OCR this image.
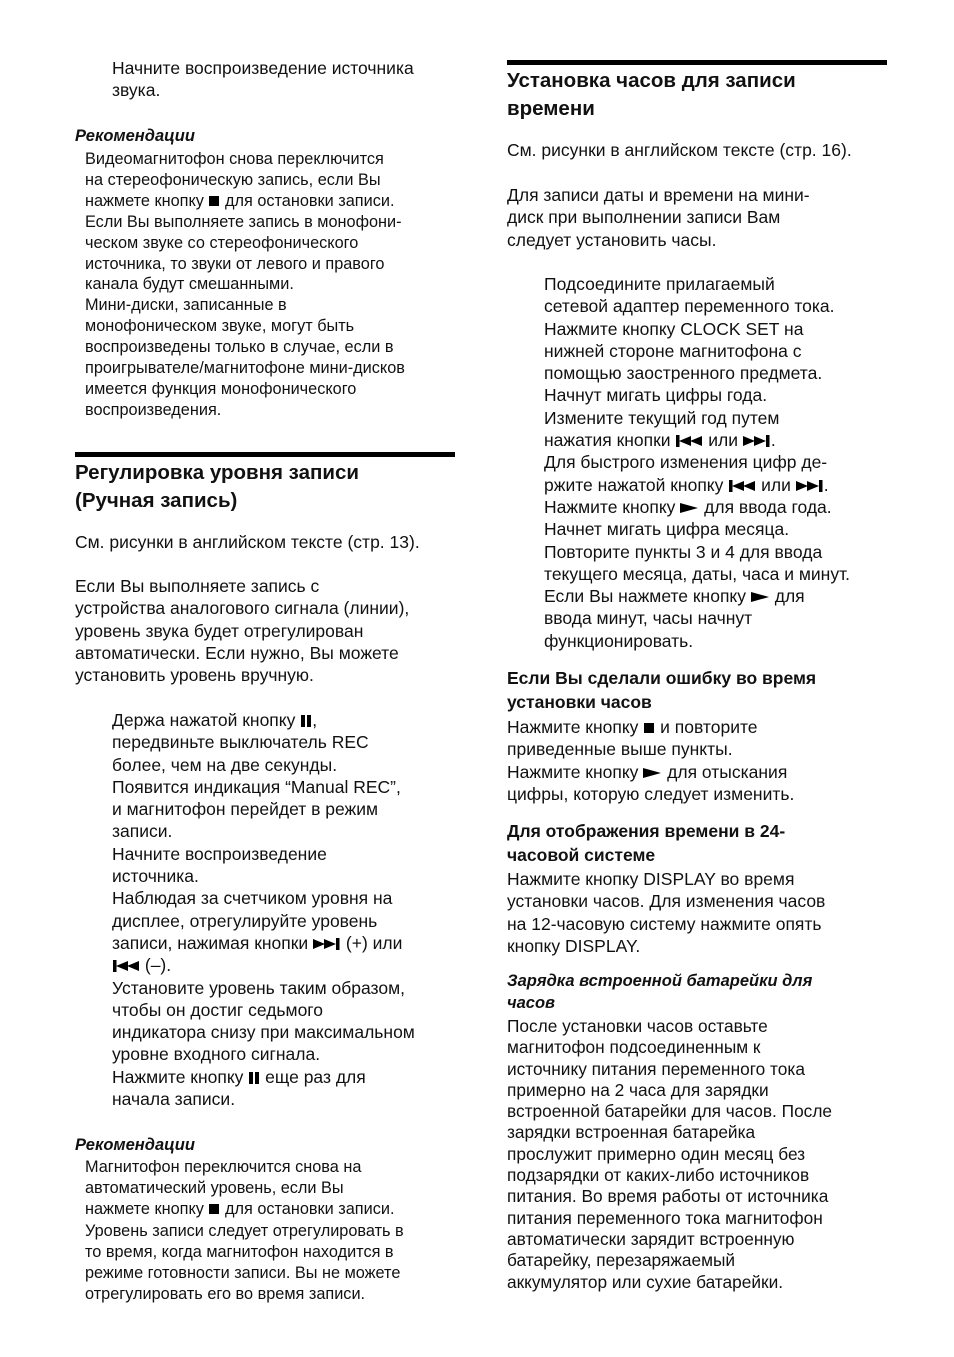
Начните воспроизведение источника
звука.
Рекомендации
Видеомагнитофон снова переключится
на стереофоническую запись, если Вы
нажмете кнопку  для остановки записи.
Если Вы выполняете запись в монофони-
ческом звуке со стереофонического
источника, то звуки от левого и правого
канала будут смешанными.
Мини-диски, записанные в
монофоническом звуке, могут быть
воспроизведены только в случае, если в
проигрывателе/магнитофоне мини-дисков
имеется функция монофонического
воспроизведения.
Регулировка уровня записи
(Ручная запись)
См. рисунки в английском тексте (стр. 13).
Если Вы выполняете запись с
устройства аналогового сигнала (линии),
уровень звука будет отрегулирован
автоматически. Если нужно, Вы можете
установить уровень вручную.
Держа нажатой кнопку ,
передвиньте выключатель REC
более, чем на две секунды.
Появится индикация “Manual REC”,
и магнитофон перейдет в режим
записи.
Начните воспроизведение
источника.
Наблюдая за счетчиком уровня на
дисплее, отрегулируйте уровень
записи, нажимая кнопки  (+) или
(–).
Установите уровень таким образом,
чтобы он достиг седьмого
индикатора снизу при максимальном
уровне входного сигнала.
Нажмите кнопку  еще раз для
начала записи.
Рекомендации
Магнитофон переключится снова на
автоматический уровень, если Вы
нажмете кнопку  для остановки записи.
Уровень записи следует отрегулировать в
то время, когда магнитофон находится в
режиме готовности записи. Вы не можете
отрегулировать его во время записи.
Установка часов для записи
времени
См. рисунки в английском тексте (стр. 16).
Для записи даты и времени на мини-
диск при выполнении записи Вам
следует установить часы.
Подсоедините прилагаемый
сетевой адаптер переменного тока.
Нажмите кнопку CLOCK SET на
нижней стороне магнитофона с
помощью заостренного предмета.
Начнут мигать цифры года.
Измените текущий год путем
нажатия кнопки  или .
Для быстрого изменения цифр де-
ржите нажатой кнопку  или .
Нажмите кнопку  для ввода года.
Начнет мигать цифра месяца.
Повторите пункты 3 и 4 для ввода
текущего месяца, даты, часа и минут.
Если Вы нажмете кнопку  для
ввода минут, часы начнут
функционировать.
Если Вы сделали ошибку во время
установки часов
Нажмите кнопку  и повторите
приведенные выше пункты.
Нажмите кнопку  для отыскания
цифры, которую следует изменить.
Для отображения времени в 24-
часовой системе
Нажмите кнопку DISPLAY во время
установки часов. Для изменения часов
на 12-часовую систему нажмите опять
кнопку DISPLAY.
Зарядка встроенной батарейки для
часов
После установки часов оставьте
магнитофон подсоединенным к
источнику питания переменного тока
примерно на 2 часа для зарядки
встроенной батарейки для часов. После
зарядки встроенная батарейка
прослужит примерно один месяц без
подзарядки от каких-либо источников
питания. Во время работы от источника
питания переменного тока магнитофон
автоматически зарядит встроенную
батарейку, перезаряжаемый
аккумулятор или сухие батарейки.
